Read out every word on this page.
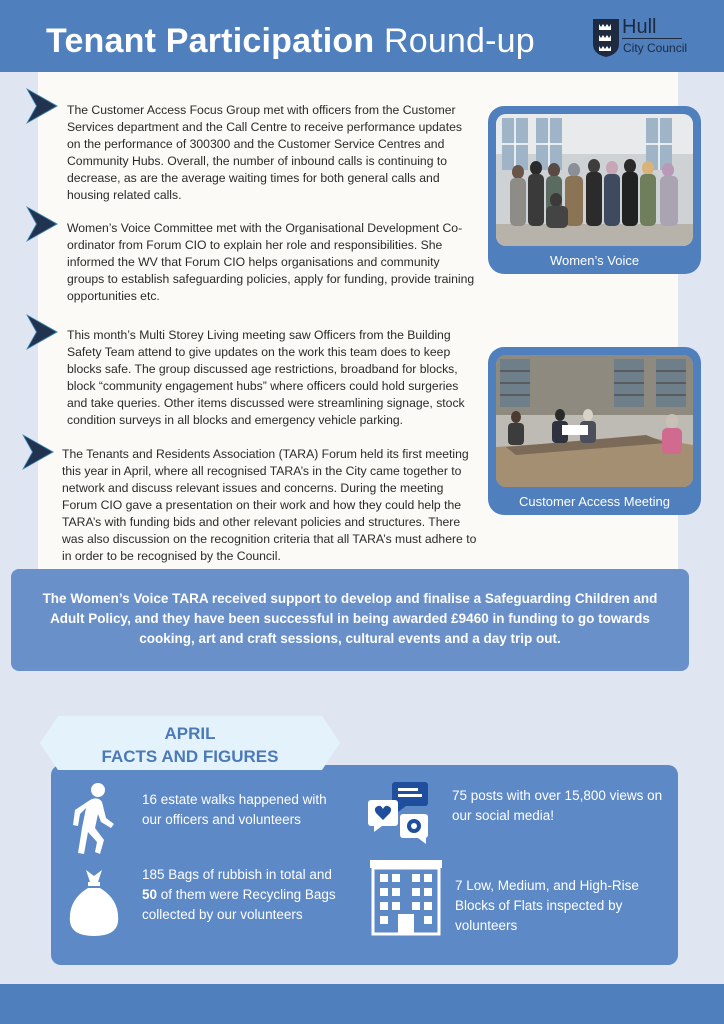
Tenant Participation Round-up	Hull
City Council

The Customer Access Focus Group met with officers from the Customer Services department and the Call Centre to receive performance updates on the performance of 300300 and the Customer Service Centres and Community Hubs. Overall, the number of inbound calls is continuing to decrease, as are the average waiting times for both general calls and housing related calls.

Women’s Voice Committee met with the Organisational Development Co-ordinator from Forum CIO to explain her role and responsibilities. She informed the WV that Forum CIO helps organisations and community groups to establish safeguarding policies, apply for funding, provide training opportunities etc.

This month’s Multi Storey Living meeting saw Officers from the Building Safety Team attend to give updates on the work this team does to keep blocks safe. The group discussed age restrictions, broadband for blocks, block “community engagement hubs” where officers could hold surgeries and take queries. Other items discussed were streamlining signage, stock condition surveys in all blocks and emergency vehicle parking.

The Tenants and Residents Association (TARA) Forum held its first meeting this year in April, where all recognised TARA’s in the City came together to network and discuss relevant issues and concerns. During the meeting Forum CIO gave a presentation on their work and how they could help the TARA’s with funding bids and other relevant policies and structures. There was also discussion on the recognition criteria that all TARA’s must adhere to in order to be recognised by the Council.

Women’s Voice
Customer Access Meeting
The Women’s Voice TARA received support to develop and finalise a Safeguarding Children and Adult Policy, and they have been successful in being awarded £9460 in funding to go towards cooking, art and craft sessions, cultural events and a day trip out.
APRIL
FACTS AND FIGURES
16 estate walks happened with our officers and volunteers
75 posts with over 15,800 views on our social media!
185 Bags of rubbish in total and 50 of them were Recycling Bags collected by our volunteers
7 Low, Medium, and High-Rise Blocks of Flats inspected by volunteers
